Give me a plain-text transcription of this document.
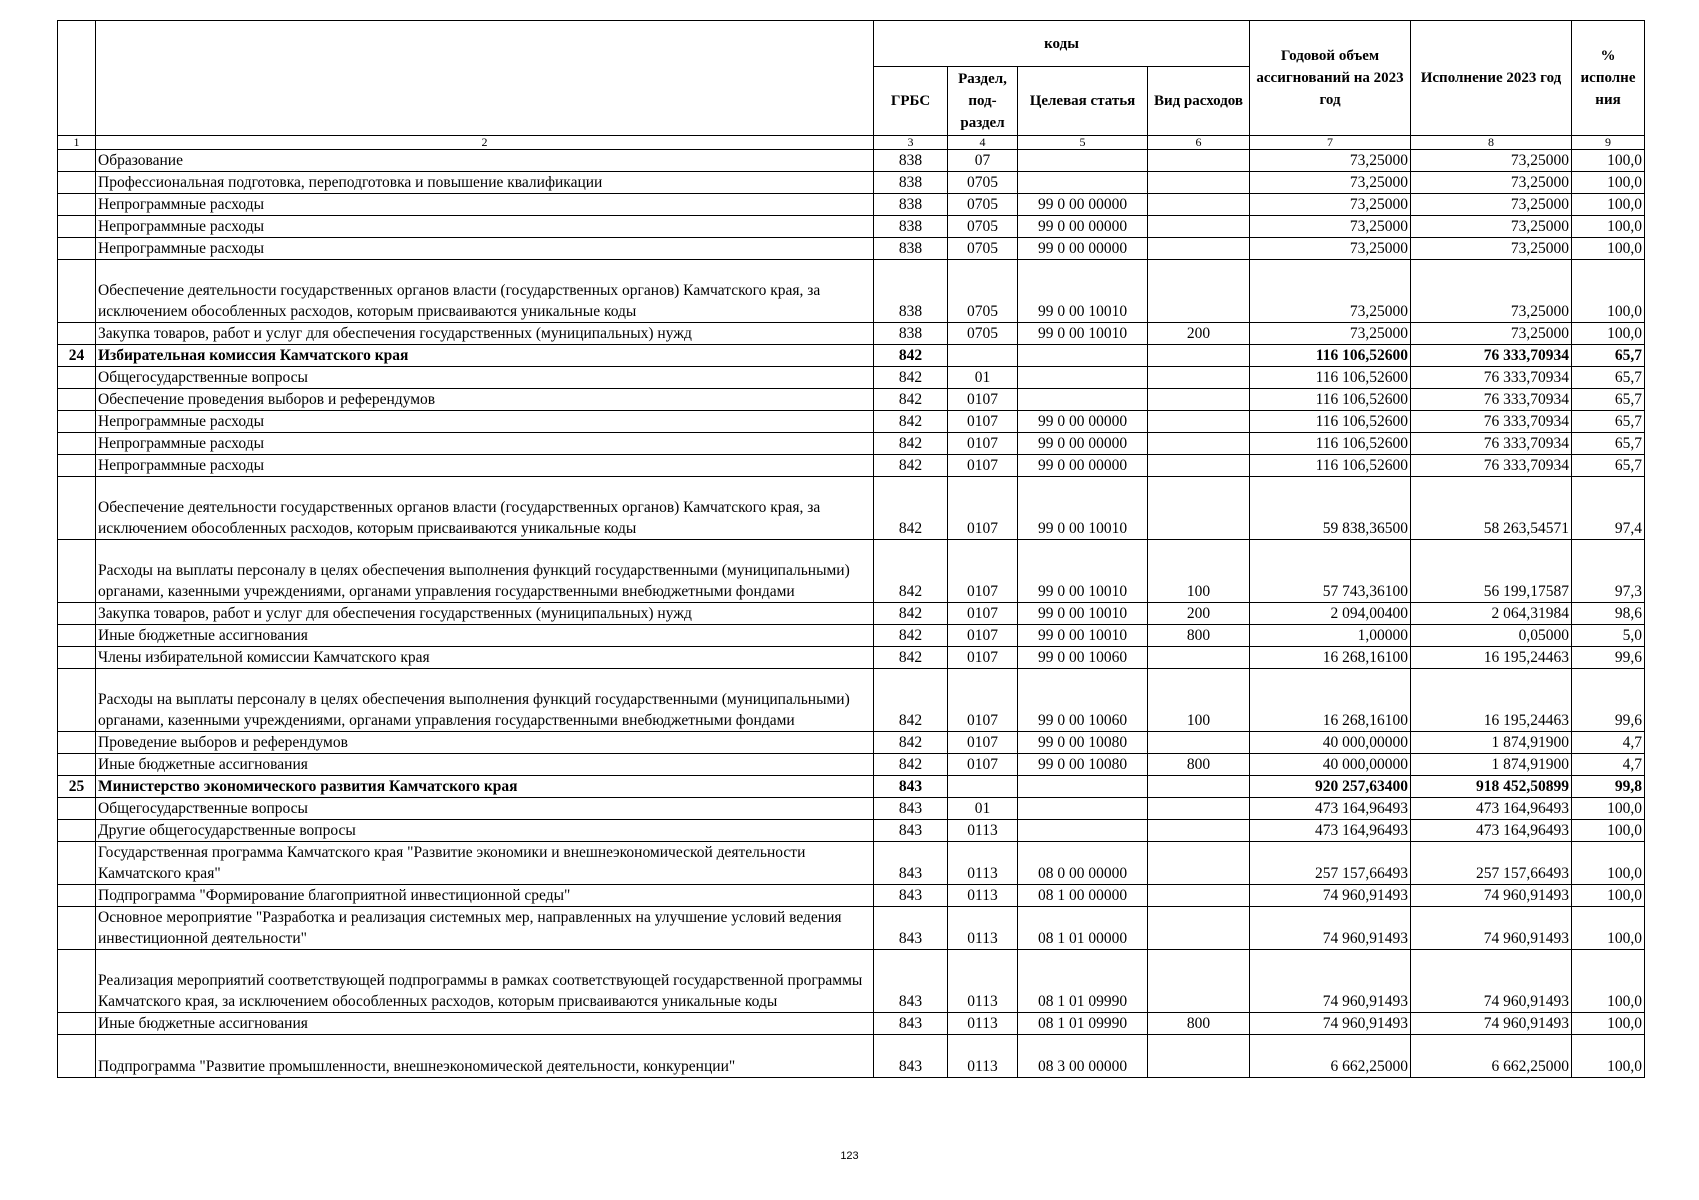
		коды				Годовой объем ассигнований на 2023 год	Исполнение 2023 год	% исполне ния
		ГРБС	Раздел, под-раздел	Целевая статья	Вид расходов			
1	2	3	4	5	6	7	8	9
	Образование	838	07			73,25000	73,25000	100,0
	Профессиональная подготовка, переподготовка и повышение квалификации	838	0705			73,25000	73,25000	100,0
	Непрограммные расходы	838	0705	99 0 00 00000		73,25000	73,25000	100,0
	Непрограммные расходы	838	0705	99 0 00 00000		73,25000	73,25000	100,0
	Непрограммные расходы	838	0705	99 0 00 00000		73,25000	73,25000	100,0
	Обеспечение деятельности государственных органов власти (государственных органов) Камчатского края, за исключением обособленных расходов, которым присваиваются уникальные коды	838	0705	99 0 00 10010		73,25000	73,25000	100,0
	Закупка товаров, работ и услуг для обеспечения государственных (муниципальных) нужд	838	0705	99 0 00 10010	200	73,25000	73,25000	100,0
24	Избирательная комиссия Камчатского края	842				116 106,52600	76 333,70934	65,7
	Общегосударственные вопросы	842	01			116 106,52600	76 333,70934	65,7
	Обеспечение проведения выборов и референдумов	842	0107			116 106,52600	76 333,70934	65,7
	Непрограммные расходы	842	0107	99 0 00 00000		116 106,52600	76 333,70934	65,7
	Непрограммные расходы	842	0107	99 0 00 00000		116 106,52600	76 333,70934	65,7
	Непрограммные расходы	842	0107	99 0 00 00000		116 106,52600	76 333,70934	65,7
	Обеспечение деятельности государственных органов власти (государственных органов) Камчатского края, за исключением обособленных расходов, которым присваиваются уникальные коды	842	0107	99 0 00 10010		59 838,36500	58 263,54571	97,4
	Расходы на выплаты персоналу в целях обеспечения выполнения функций государственными (муниципальными) органами, казенными учреждениями, органами управления государственными внебюджетными фондами	842	0107	99 0 00 10010	100	57 743,36100	56 199,17587	97,3
	Закупка товаров, работ и услуг для обеспечения государственных (муниципальных) нужд	842	0107	99 0 00 10010	200	2 094,00400	2 064,31984	98,6
	Иные бюджетные ассигнования	842	0107	99 0 00 10010	800	1,00000	0,05000	5,0
	Члены избирательной комиссии Камчатского края	842	0107	99 0 00 10060		16 268,16100	16 195,24463	99,6
	Расходы на выплаты персоналу в целях обеспечения выполнения функций государственными (муниципальными) органами, казенными учреждениями, органами управления государственными внебюджетными фондами	842	0107	99 0 00 10060	100	16 268,16100	16 195,24463	99,6
	Проведение выборов и референдумов	842	0107	99 0 00 10080		40 000,00000	1 874,91900	4,7
	Иные бюджетные ассигнования	842	0107	99 0 00 10080	800	40 000,00000	1 874,91900	4,7
25	Министерство экономического развития Камчатского края	843				920 257,63400	918 452,50899	99,8
	Общегосударственные вопросы	843	01			473 164,96493	473 164,96493	100,0
	Другие общегосударственные вопросы	843	0113			473 164,96493	473 164,96493	100,0
	Государственная программа Камчатского края "Развитие экономики и внешнеэкономической деятельности Камчатского края"	843	0113	08 0 00 00000		257 157,66493	257 157,66493	100,0
	Подпрограмма "Формирование благоприятной инвестиционной среды"	843	0113	08 1 00 00000		74 960,91493	74 960,91493	100,0
	Основное мероприятие "Разработка и реализация системных мер, направленных на улучшение условий ведения инвестиционной деятельности"	843	0113	08 1 01 00000		74 960,91493	74 960,91493	100,0
	Реализация мероприятий соответствующей подпрограммы в рамках соответствующей государственной программы Камчатского края, за исключением обособленных расходов, которым присваиваются уникальные коды	843	0113	08 1 01 09990		74 960,91493	74 960,91493	100,0
	Иные бюджетные ассигнования	843	0113	08 1 01 09990	800	74 960,91493	74 960,91493	100,0
	Подпрограмма "Развитие промышленности, внешнеэкономической деятельности, конкуренции"	843	0113	08 3 00 00000		6 662,25000	6 662,25000	100,0
123
